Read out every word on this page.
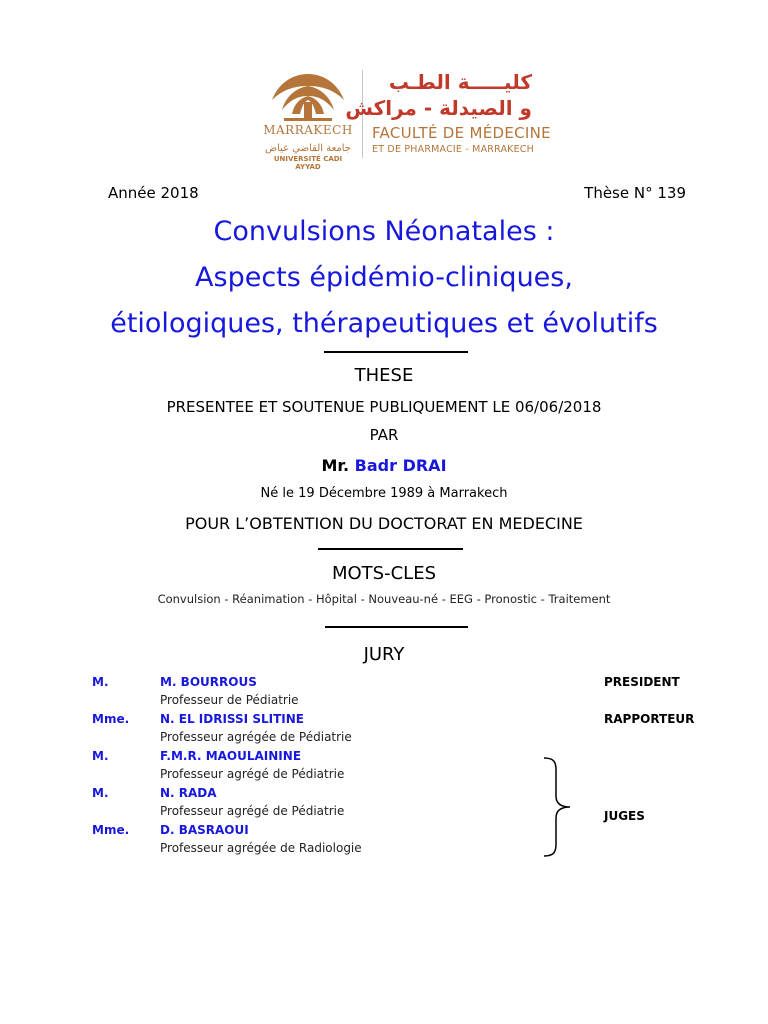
MARRAKECH
جامعة القاضي عياض
UNIVERSITÉ CADI AYYAD
كليـــــة الطـب
و الصيدلة - مراكش
FACULTÉ DE MÉDECINE
ET DE PHARMACIE - MARRAKECH
Année 2018	Thèse N° 139
Convulsions Néonatales :
Aspects épidémio-cliniques,
étiologiques, thérapeutiques et évolutifs
THESE
PRESENTEE ET SOUTENUE PUBLIQUEMENT LE 06/06/2018
PAR
Mr. Badr DRAI
Né le 19 Décembre 1989 à Marrakech
POUR L’OBTENTION DU DOCTORAT EN MEDECINE
MOTS-CLES
Convulsion - Réanimation - Hôpital - Nouveau-né - EEG - Pronostic - Traitement
JURY
M.	M. BOURROUS	PRESIDENT
Professeur de Pédiatrie
Mme.	N. EL IDRISSI SLITINE	RAPPORTEUR
Professeur agrégée de Pédiatrie
M.	F.M.R. MAOULAININE
Professeur agrégé de Pédiatrie
M.	N. RADA
Professeur agrégé de Pédiatrie
Mme.	D. BASRAOUI
Professeur agrégée de Radiologie
JUGES
